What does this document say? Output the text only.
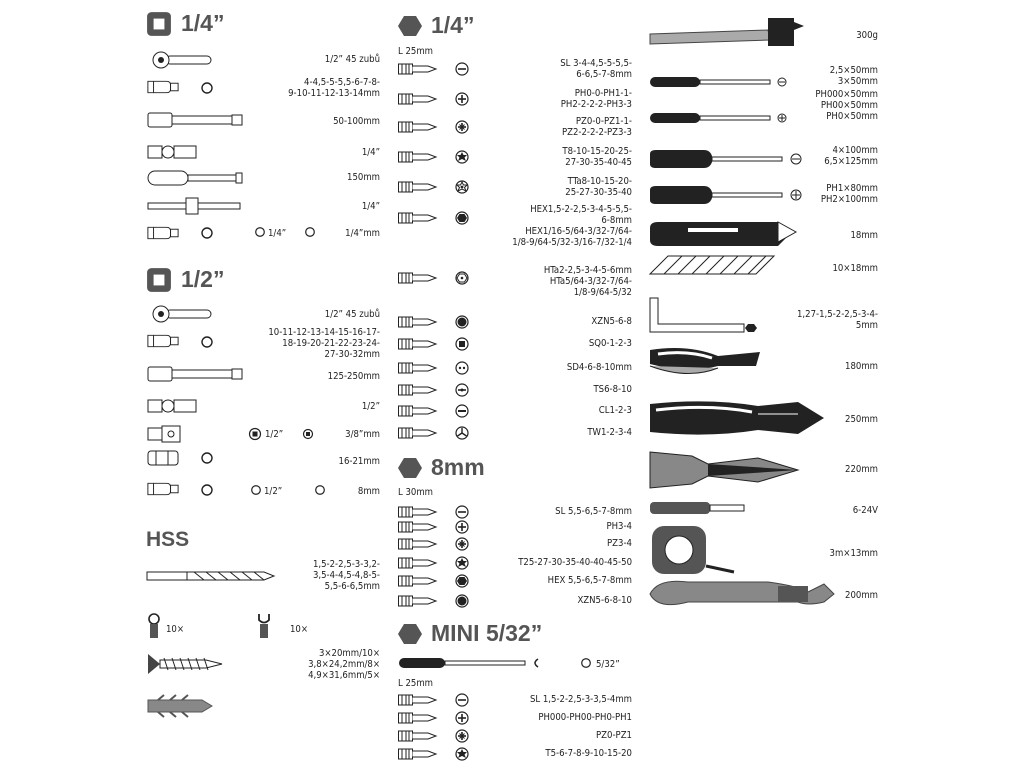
1/4”
1/2” 45 zubů
4-4,5-5-5,5-6-7-8-
9-10-11-12-13-14mm
50-100mm
1/4”
150mm
1/4”
1/4”	1/4”mm
1/2”
1/2” 45 zubů
10-11-12-13-14-15-16-17-
18-19-20-21-22-23-24-
27-30-32mm
125-250mm
1/2”
1/2”	3/8”mm
16-21mm
1/2”	8mm
HSS
1,5-2-2,5-3-3,2-
3,5-4-4,5-4,8-5-
5,5-6-6,5mm
10×	10×
3×20mm/10×
3,8×24,2mm/8×
4,9×31,6mm/5×
1/4”
L 25mm
SL 3-4-4,5-5-5,5-
6-6,5-7-8mm
PH0-0-PH1-1-
PH2-2-2-2-PH3-3
PZ0-0-PZ1-1-
PZ2-2-2-2-PZ3-3
T8-10-15-20-25-
27-30-35-40-45
TTa8-10-15-20-
25-27-30-35-40
HEX1,5-2-2,5-3-4-5-5,5-
6-8mm
HEX1/16-5/64-3/32-7/64-
1/8-9/64-5/32-3/16-7/32-1/4
HTa2-2,5-3-4-5-6mm
HTa5/64-3/32-7/64-
1/8-9/64-5/32
XZN5-6-8
SQ0-1-2-3
SD4-6-8-10mm
TS6-8-10
CL1-2-3
TW1-2-3-4
8mm
L 30mm
SL 5,5-6,5-7-8mm
PH3-4
PZ3-4
T25-27-30-35-40-40-45-50
HEX 5,5-6,5-7-8mm
XZN5-6-8-10
MINI 5/32”
5/32”
L 25mm
SL 1,5-2-2,5-3-3,5-4mm
PH000-PH00-PH0-PH1
PZ0-PZ1
T5-6-7-8-9-10-15-20
300g
2,5×50mm
3×50mm
PH000×50mm
PH00×50mm
PH0×50mm
4×100mm
6,5×125mm
PH1×80mm
PH2×100mm
18mm
10×18mm
1,27-1,5-2-2,5-3-4-
5mm
180mm
250mm
220mm
6-24V
3m×13mm
200mm
